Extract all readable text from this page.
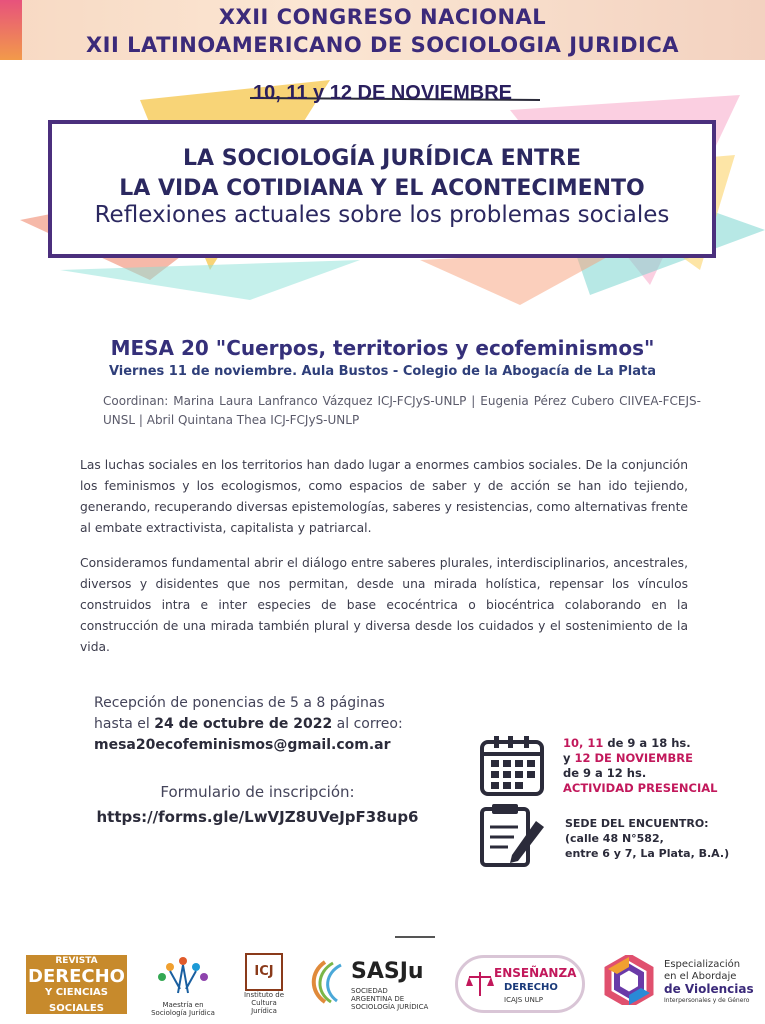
XXII CONGRESO NACIONAL
XII LATINOAMERICANO DE SOCIOLOGIA JURIDICA
10, 11 y 12 DE NOVIEMBRE
LA SOCIOLOGÍA JURÍDICA ENTRE
LA VIDA COTIDIANA Y EL ACONTECIMENTO
Reflexiones actuales sobre los problemas sociales
MESA 20 "Cuerpos, territorios y ecofeminismos"
Viernes 11 de noviembre. Aula Bustos - Colegio de la Abogacía de La Plata
Coordinan: Marina Laura Lanfranco Vázquez ICJ-FCJyS-UNLP | Eugenia Pérez Cubero CIIVEA-FCEJS-UNSL | Abril Quintana Thea ICJ-FCJyS-UNLP
Las luchas sociales en los territorios han dado lugar a enormes cambios sociales. De la conjunción los feminismos y los ecologismos, como espacios de saber y de acción se han ido tejiendo, generando, recuperando diversas epistemologías, saberes y resistencias, como alternativas frente al embate extractivista, capitalista y patriarcal.
Consideramos fundamental abrir el diálogo entre saberes plurales, interdisciplinarios, ancestrales, diversos y disidentes que nos permitan, desde una mirada holística, repensar los vínculos construidos intra e inter especies de base ecocéntrica o biocéntrica colaborando en la construcción de una mirada también plural y diversa desde los cuidados y el sostenimiento de la vida.
Recepción de ponencias de 5 a 8 páginas
hasta el 24 de octubre de 2022 al correo:
mesa20ecofeminismos@gmail.com.ar
Formulario de inscripción:
https://forms.gle/LwVJZ8UVeJpF38up6
10, 11 de 9 a 18 hs.
y 12 DE NOVIEMBRE
de 9 a 12 hs.
ACTIVIDAD PRESENCIAL
SEDE DEL ENCUENTRO:
(calle 48 N°582,
entre 6 y 7, La Plata, B.A.)
REVISTA
DERECHO
Y CIENCIAS SOCIALES	Maestría en Sociología Jurídica
ICJ
Instituto de Cultura Jurídica
SASJu
SOCIEDAD ARGENTINA DE SOCIOLOGÍA JURÍDICA
ENSEÑANZA
DERECHO
ICAJS UNLP
Especialización
en el Abordaje
de Violencias
Interpersonales y de Género
